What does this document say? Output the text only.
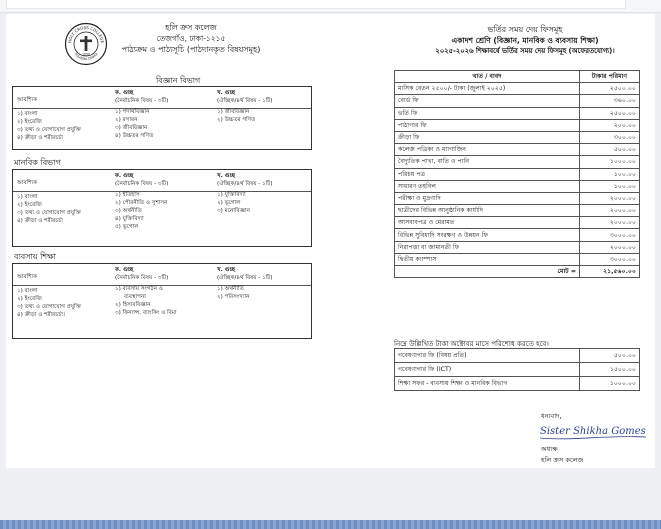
HOLY CROSS COLLEGE
TEJGAON, DHAKA
1950
হলি ক্রস কলেজ
তেজগাঁও, ঢাকা-১২১৫
পাঠ্যক্রম ও পাঠ্যসূচি (পাঠদানকৃত বিষয়সমূহ)
বিজ্ঞান বিভাগ
আবশ্যিক
১) বাংলা
২) ইংরেজি
৩) তথ্য ও যোগাযোগ প্রযুক্তি
৪) ক্রীড়া ও শরীরচর্চা
ক. গুচ্ছ
(নৈর্বাচনিক বিষয় - ৩টি)
১) পদার্থবিজ্ঞান
২) রসায়ন
৩) জীববিজ্ঞান
৪) উচ্চতর গণিত
খ. গুচ্ছ
(ঐচ্ছিক/৪র্থ বিষয় - ১টি)
১) জীববিজ্ঞান
২) উচ্চতর গণিত
মানবিক বিভাগ
আবশ্যিক
১) বাংলা
২) ইংরেজি
৩) তথ্য ও যোগাযোগ প্রযুক্তি
৪) ক্রীড়া ও শরীরচর্চা
ক. গুচ্ছ
(নৈর্বাচনিক বিষয় - ৩টি)
১) ইতিহাস
২) পৌরনীতি ও সুশাসন
৩) অর্থনীতি
৪) যুক্তিবিদ্যা
৫) ভূগোল
খ. গুচ্ছ
(ঐচ্ছিক/৪র্থ বিষয় - ১টি)
১) যুক্তিবিদ্যা
২) ভূগোল
৩) মনোবিজ্ঞান
ব্যবসায় শিক্ষা
আবশ্যিক
১) বাংলা
২) ইংরেজি
৩) তথ্য ও যোগাযোগ প্রযুক্তি
৪) ক্রীড়া ও শরীরচর্চা।
ক. গুচ্ছ
(নৈর্বাচনিক বিষয় - ৩টি)
১) ব্যবসায় সংগঠন ও
ব্যবস্থাপনা
২) হিসাববিজ্ঞান
৩) ফিন্যান্স, ব্যাংকিং ও বিমা
খ. গুচ্ছ
(ঐচ্ছিক/৪র্থ বিষয় - ১টি)
১) অর্থনীতি
২) পরিসংখ্যান
ভর্তির সময় দেয় ফিসমূহ
একাদশ শ্রেণি (বিজ্ঞান, মানবিক ও ব্যবসায় শিক্ষা)
২০২৫-২০২৬ শিক্ষাবর্ষে ভর্তির সময় দেয় ফিসমূহ (অফেরতযোগ্য)।
খাত / বাবদ	টাকার পরিমাণ
মাসিক বেতন ২৫০০/- টাকা (জুলাই ২০২৫)	২৫০০.০০
বোর্ড ফি	৩৬০.০০
ভর্তি ফি	২৫০০.০০
পাঠাগার ফি	২০০.০০
ক্রীড়া ফি	৩০০.০০
কলেজ পত্রিকা ও ম্যাগাজিন	৫০০.০০
বৈদ্যুতিক পাখা, বাতি ও পানি	১০০০.০০
পরিচয় পত্র	১০০.০০
সাধারণ তহবিল	১০০.০০
পরীক্ষা ও মুদ্রণাদি	২০০০.০০
ছাত্রীদের বিভিন্ন আনুষ্ঠানিক কার্যাদি	২০০০.০০
আসবাবপত্র ও মেরামত	২০০০.০০
বিভিন্ন সুবিধাদি সংরক্ষণ ও উন্নয়ন ফি	৩০০০.০০
নিরাপত্তা বা জামানতী ফি	২০০০.০০
দ্বিতীয় ক্যাম্পাস	৩০০০.০০
মোট =	২১,৫৬০.০০
নিম্নে উল্লিখিত টাকা অক্টোবর মাসে পরিশোধ করতে হবে।
গবেষণাগার ফি (বিষয় প্রতি)	৫০০.০০
গবেষণাগার ফি (ICT)	১৫০০.০০
শিক্ষা সফর - ব্যবসায় শিক্ষা ও মানবিক বিভাগ	১০০০.০০
ধন্যবাদ,
Sister Shikha Gomes
অধ্যক্ষ
হলি ক্রস কলেজ
